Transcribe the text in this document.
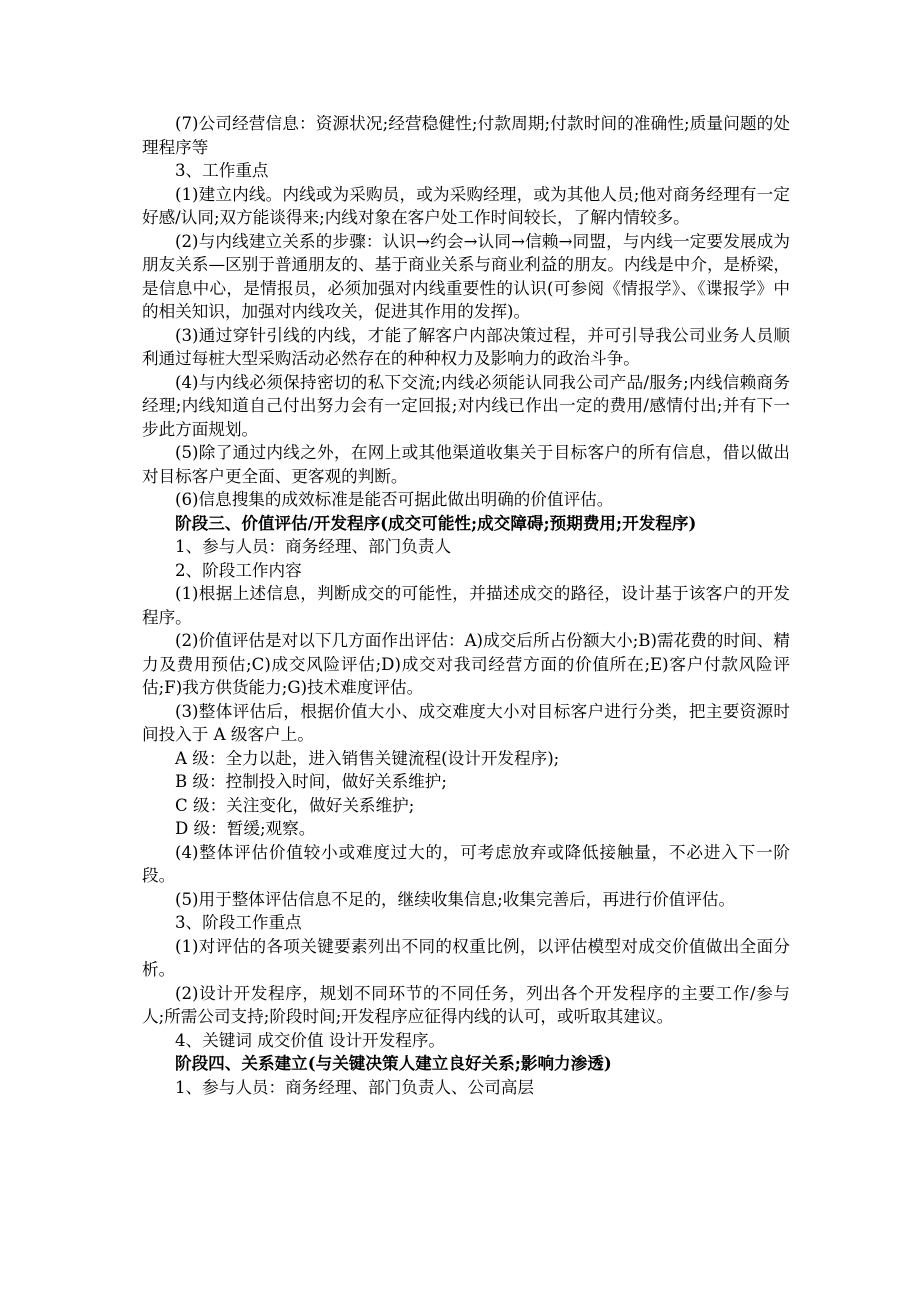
(7)公司经营信息：资源状况;经营稳健性;付款周期;付款时间的准确性;质量问题的处理程序等

3、工作重点

(1)建立内线。内线或为采购员，或为采购经理，或为其他人员;他对商务经理有一定好感/认同;双方能谈得来;内线对象在客户处工作时间较长，了解内情较多。

(2)与内线建立关系的步骤：认识→约会→认同→信赖→同盟，与内线一定要发展成为朋友关系—区别于普通朋友的、基于商业关系与商业利益的朋友。内线是中介，是桥梁，是信息中心，是情报员，必须加强对内线重要性的认识(可参阅《情报学》、《谍报学》中的相关知识，加强对内线攻关，促进其作用的发挥)。

(3)通过穿针引线的内线，才能了解客户内部决策过程，并可引导我公司业务人员顺利通过每桩大型采购活动必然存在的种种权力及影响力的政治斗争。

(4)与内线必须保持密切的私下交流;内线必须能认同我公司产品/服务;内线信赖商务经理;内线知道自己付出努力会有一定回报;对内线已作出一定的费用/感情付出;并有下一步此方面规划。

(5)除了通过内线之外，在网上或其他渠道收集关于目标客户的所有信息，借以做出对目标客户更全面、更客观的判断。

(6)信息搜集的成效标准是能否可据此做出明确的价值评估。

阶段三、价值评估/开发程序(成交可能性;成交障碍;预期费用;开发程序)

1、参与人员：商务经理、部门负责人

2、阶段工作内容

(1)根据上述信息，判断成交的可能性，并描述成交的路径，设计基于该客户的开发程序。

(2)价值评估是对以下几方面作出评估：A)成交后所占份额大小;B)需花费的时间、精力及费用预估;C)成交风险评估;D)成交对我司经营方面的价值所在;E)客户付款风险评估;F)我方供货能力;G)技术难度评估。

(3)整体评估后，根据价值大小、成交难度大小对目标客户进行分类，把主要资源时间投入于 A 级客户上。

A 级：全力以赴，进入销售关键流程(设计开发程序);

B 级：控制投入时间，做好关系维护;

C 级：关注变化，做好关系维护;

D 级：暂缓;观察。

(4)整体评估价值较小或难度过大的，可考虑放弃或降低接触量，不必进入下一阶段。

(5)用于整体评估信息不足的，继续收集信息;收集完善后，再进行价值评估。

3、阶段工作重点

(1)对评估的各项关键要素列出不同的权重比例，以评估模型对成交价值做出全面分析。

(2)设计开发程序，规划不同环节的不同任务，列出各个开发程序的主要工作/参与人;所需公司支持;阶段时间;开发程序应征得内线的认可，或听取其建议。

4、关键词 成交价值 设计开发程序。

阶段四、关系建立(与关键决策人建立良好关系;影响力渗透)

1、参与人员：商务经理、部门负责人、公司高层
